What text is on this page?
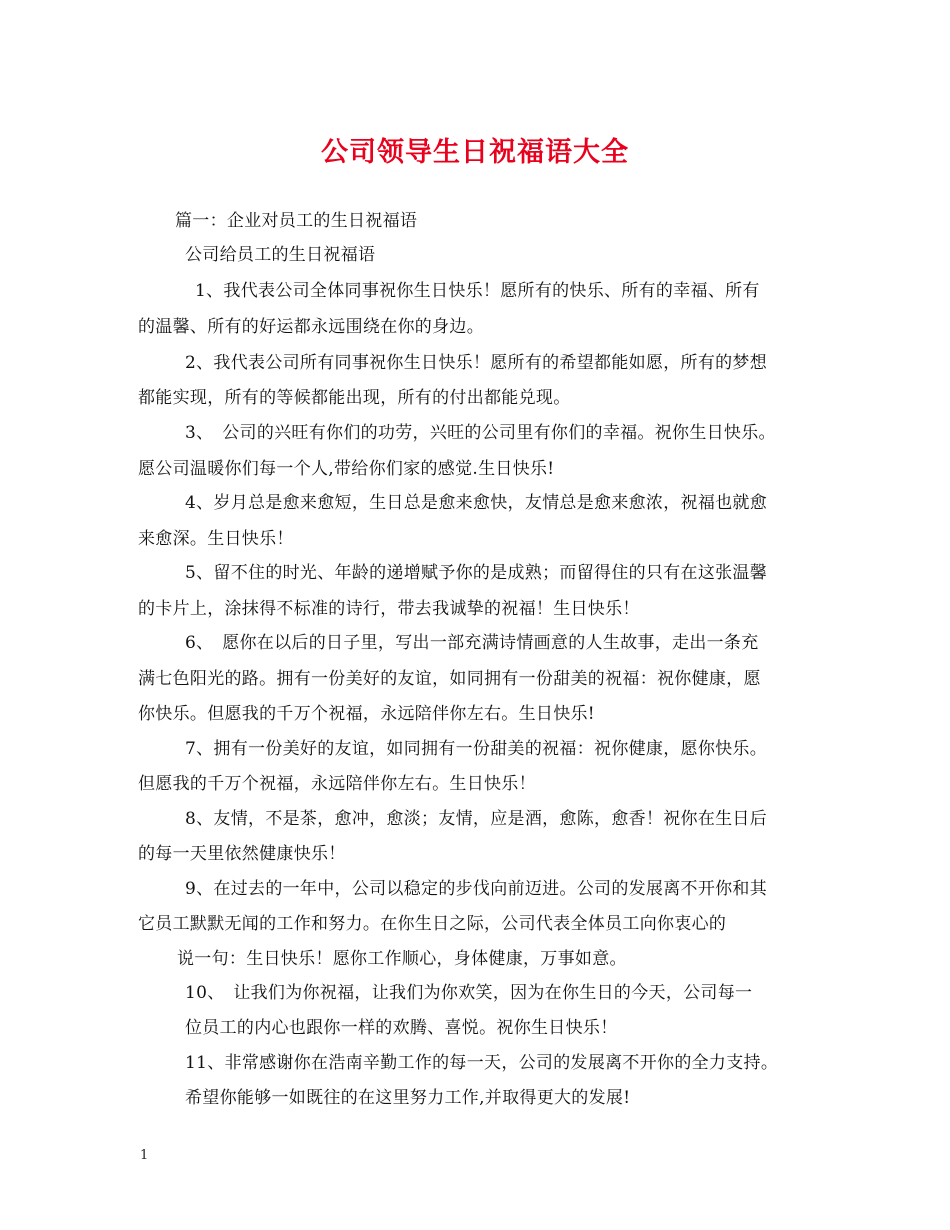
公司领导生日祝福语大全
篇一：企业对员工的生日祝福语
公司给员工的生日祝福语
1、我代表公司全体同事祝你生日快乐！愿所有的快乐、所有的幸福、所有
的温馨、所有的好运都永远围绕在你的身边。
2、我代表公司所有同事祝你生日快乐！愿所有的希望都能如愿，所有的梦想
都能实现，所有的等候都能出现，所有的付出都能兑现。
3、　公司的兴旺有你们的功劳，兴旺的公司里有你们的幸福。祝你生日快乐。
愿公司温暖你们每一个人,带给你们家的感觉.生日快乐!
4、岁月总是愈来愈短，生日总是愈来愈快，友情总是愈来愈浓，祝福也就愈
来愈深。生日快乐！
5、留不住的时光、年龄的递增赋予你的是成熟；而留得住的只有在这张温馨
的卡片上，涂抹得不标准的诗行，带去我诚挚的祝福！生日快乐！
6、　愿你在以后的日子里，写出一部充满诗情画意的人生故事，走出一条充
满七色阳光的路。拥有一份美好的友谊，如同拥有一份甜美的祝福：祝你健康，愿
你快乐。但愿我的千万个祝福，永远陪伴你左右。生日快乐!
7、拥有一份美好的友谊，如同拥有一份甜美的祝福：祝你健康，愿你快乐。
但愿我的千万个祝福，永远陪伴你左右。生日快乐！
8、友情，不是茶，愈冲，愈淡；友情，应是酒，愈陈，愈香！祝你在生日后
的每一天里依然健康快乐！
9、在过去的一年中，公司以稳定的步伐向前迈进。公司的发展离不开你和其
它员工默默无闻的工作和努力。在你生日之际，公司代表全体员工向你衷心的
说一句：生日快乐！愿你工作顺心，身体健康，万事如意。
10、　让我们为你祝福，让我们为你欢笑，因为在你生日的今天，公司每一
位员工的内心也跟你一样的欢腾、喜悦。祝你生日快乐！
11、非常感谢你在浩南辛勤工作的每一天，公司的发展离不开你的全力支持。
希望你能够一如既往的在这里努力工作,并取得更大的发展!
1
